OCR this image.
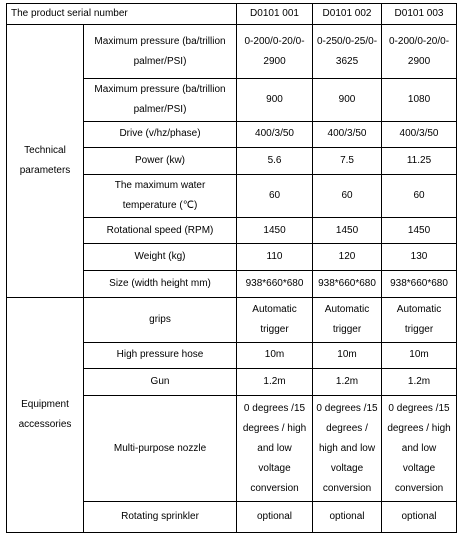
The product serial number		D0101 001	D0101 002	D0101 003
Technical parameters	Maximum pressure (ba/trillion palmer/PSI)	0-200/0-20/0-2900	0-250/0-25/0-3625	0-200/0-20/0-2900
	Maximum pressure (ba/trillion palmer/PSI)	900	900	1080
	Drive (v/hz/phase)	400/3/50	400/3/50	400/3/50
	Power (kw)	5.6	7.5	11.25
	The maximum water temperature (℃)	60	60	60
	Rotational speed (RPM)	1450	1450	1450
	Weight (kg)	110	120	130
	Size (width height mm)	938*660*680	938*660*680	938*660*680
Equipment accessories	grips	Automatic trigger	Automatic trigger	Automatic trigger
	High pressure hose	10m	10m	10m
	Gun	1.2m	1.2m	1.2m
	Multi-purpose nozzle	0 degrees /15 degrees / high and low voltage conversion	0 degrees /15 degrees / high and low voltage conversion	0 degrees /15 degrees / high and low voltage conversion
	Rotating sprinkler	optional	optional	optional
